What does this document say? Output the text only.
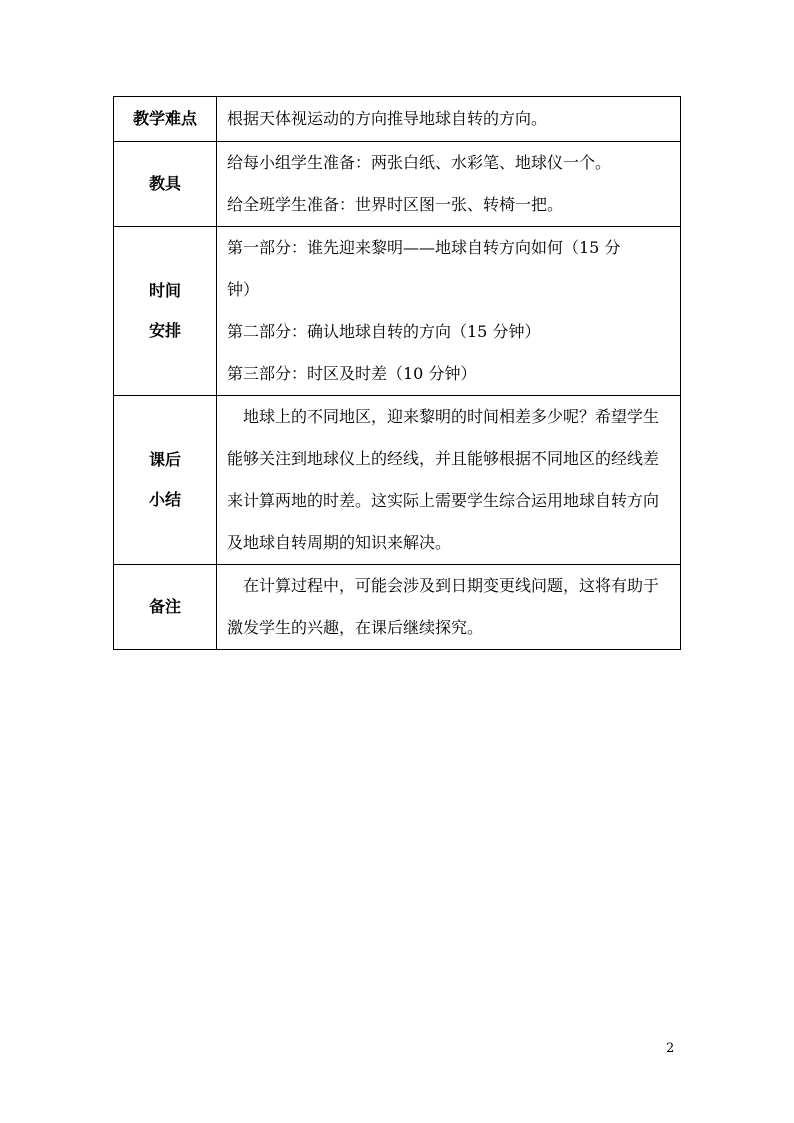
教学难点	根据天体视运动的方向推导地球自转的方向。

教具	给每小组学生准备：两张白纸、水彩笔、地球仪一个。
给全班学生准备：世界时区图一张、转椅一把。

时间
安排	第一部分：谁先迎来黎明——地球自转方向如何（15 分
钟）
第二部分：确认地球自转的方向（15 分钟）
第三部分：时区及时差（10 分钟）

课后
小结	地球上的不同地区，迎来黎明的时间相差多少呢？希望学生能够关注到地球仪上的经线，并且能够根据不同地区的经线差来计算两地的时差。这实际上需要学生综合运用地球自转方向及地球自转周期的知识来解决。

备注	在计算过程中，可能会涉及到日期变更线问题，这将有助于激发学生的兴趣，在课后继续探究。
2
